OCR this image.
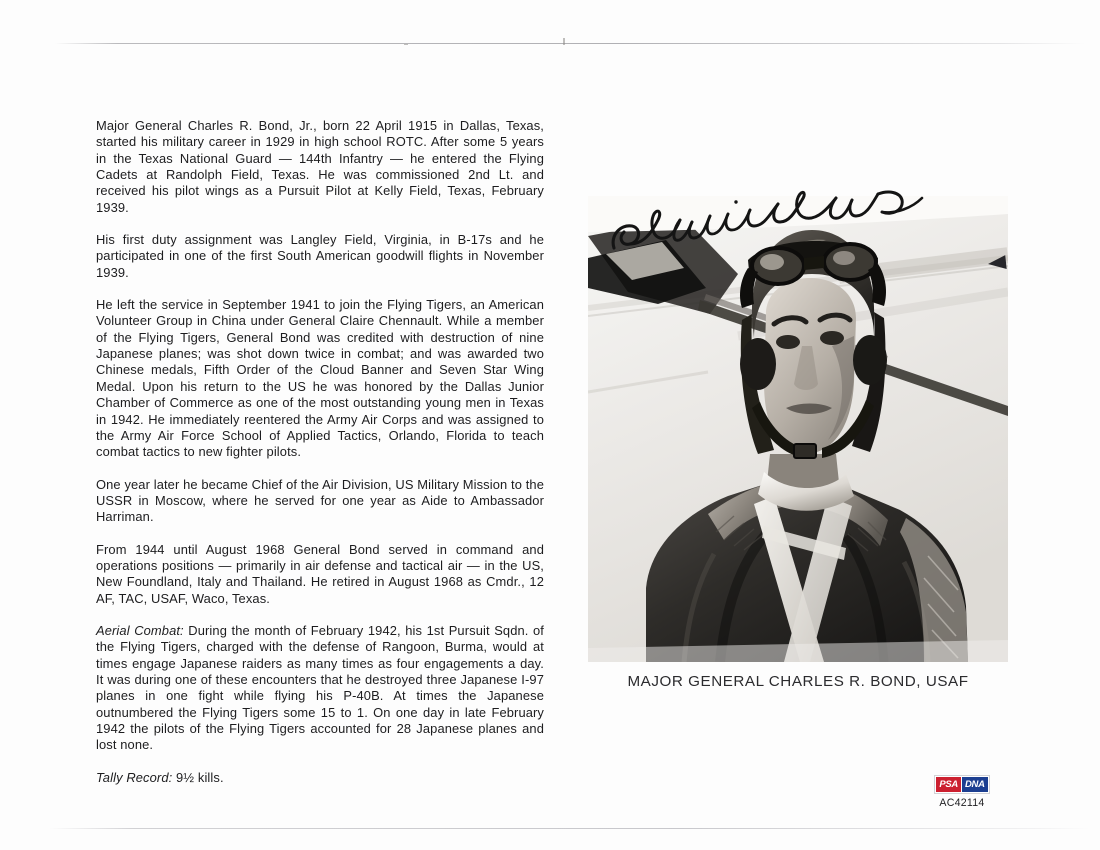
Major General Charles R. Bond, Jr., born 22 April 1915 in Dallas, Texas, started his military career in 1929 in high school ROTC. After some 5 years in the Texas National Guard — 144th Infantry — he entered the Flying Cadets at Randolph Field, Texas. He was commissioned 2nd Lt. and received his pilot wings as a Pursuit Pilot at Kelly Field, Texas, February 1939.

His first duty assignment was Langley Field, Virginia, in B-17s and he participated in one of the first South American goodwill flights in November 1939.

He left the service in September 1941 to join the Flying Tigers, an American Volunteer Group in China under General Claire Chennault. While a member of the Flying Tigers, General Bond was credited with destruction of nine Japanese planes; was shot down twice in combat; and was awarded two Chinese medals, Fifth Order of the Cloud Banner and Seven Star Wing Medal. Upon his return to the US he was honored by the Dallas Junior Chamber of Commerce as one of the most outstanding young men in Texas in 1942. He immediately reentered the Army Air Corps and was assigned to the Army Air Force School of Applied Tactics, Orlando, Florida to teach combat tactics to new fighter pilots.

One year later he became Chief of the Air Division, US Military Mission to the USSR in Moscow, where he served for one year as Aide to Ambassador Harriman.

From 1944 until August 1968 General Bond served in command and operations positions — primarily in air defense and tactical air — in the US, New Foundland, Italy and Thailand. He retired in August 1968 as Cmdr., 12 AF, TAC, USAF, Waco, Texas.

Aerial Combat: During the month of February 1942, his 1st Pursuit Sqdn. of the Flying Tigers, charged with the defense of Rangoon, Burma, would at times engage Japanese raiders as many times as four engagements a day. It was during one of these encounters that he destroyed three Japanese I-97 planes in one fight while flying his P-40B. At times the Japanese outnumbered the Flying Tigers some 15 to 1. On one day in late February 1942 the pilots of the Flying Tigers accounted for 28 Japanese planes and lost none.

Tally Record: 9½ kills.

MAJOR GENERAL CHARLES R. BOND, USAF
PSA DNA
AC42114
